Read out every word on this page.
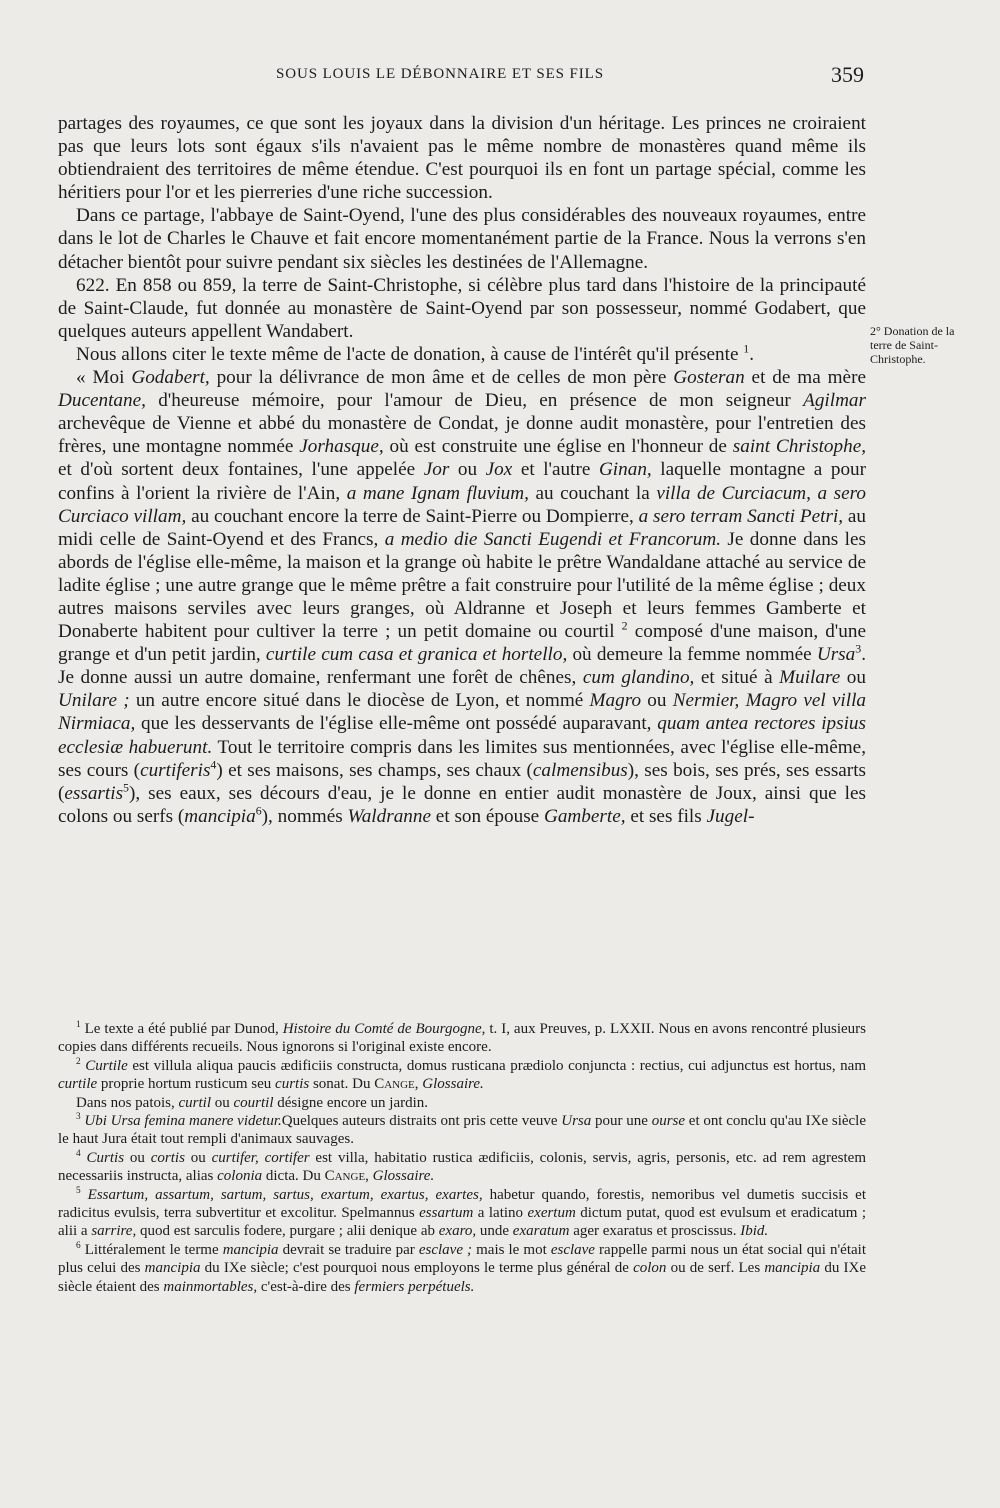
SOUS LOUIS LE DÉBONNAIRE ET SES FILS	359

partages des royaumes, ce que sont les joyaux dans la division d'un héritage. Les princes ne croiraient pas que leurs lots sont égaux s'ils n'avaient pas le même nombre de monastères quand même ils obtiendraient des territoires de même étendue. C'est pourquoi ils en font un partage spécial, comme les héritiers pour l'or et les pierreries d'une riche succession.

Dans ce partage, l'abbaye de Saint-Oyend, l'une des plus considérables des nouveaux royaumes, entre dans le lot de Charles le Chauve et fait encore momentanément partie de la France. Nous la verrons s'en détacher bientôt pour suivre pendant six siècles les destinées de l'Allemagne.

622. En 858 ou 859, la terre de Saint-Christophe, si célèbre plus tard dans l'histoire de la principauté de Saint-Claude, fut donnée au monastère de Saint-Oyend par son possesseur, nommé Godabert, que quelques auteurs appellent Wandabert.

Nous allons citer le texte même de l'acte de donation, à cause de l'intérêt qu'il présente $^1$.

« Moi Godabert, pour la délivrance de mon âme et de celles de mon père Gosteran et de ma mère Ducentane, d'heureuse mémoire, pour l'amour de Dieu, en présence de mon seigneur Agilmar archevêque de Vienne et abbé du monastère de Condat, je donne audit monastère, pour l'entretien des frères, une montagne nommée Jorhasque, où est construite une église en l'honneur de saint Christophe, et d'où sortent deux fontaines, l'une appelée Jor ou Jox et l'autre Ginan, laquelle montagne a pour confins à l'orient la rivière de l'Ain, a mane Ignam fluvium, au couchant la villa de Curciacum, a sero Curciaco villam, au couchant encore la terre de Saint-Pierre ou Dompierre, a sero terram Sancti Petri, au midi celle de Saint-Oyend et des Francs, a medio die Sancti Eugendi et Francorum. Je donne dans les abords de l'église elle-même, la maison et la grange où habite le prêtre Wandaldane attaché au service de ladite église ; une autre grange que le même prêtre a fait construire pour l'utilité de la même église ; deux autres maisons serviles avec leurs granges, où Aldranne et Joseph et leurs femmes Gamberte et Donaberte habitent pour cultiver la terre ; un petit domaine ou courtil $^2$ composé d'une maison, d'une grange et d'un petit jardin, curtile cum casa et granica et hortello, où demeure la femme nommée Ursa$^3$. Je donne aussi un autre domaine, renfermant une forêt de chênes, cum glandino, et situé à Muilare ou Unilare ; un autre encore situé dans le diocèse de Lyon, et nommé Magro ou Nermier, Magro vel villa Nirmiaca, que les desservants de l'église elle-même ont possédé auparavant, quam antea rectores ipsius ecclesiæ habuerunt. Tout le territoire compris dans les limites sus mentionnées, avec l'église elle-même, ses cours (curtiferis$^4$) et ses maisons, ses champs, ses chaux (calmensibus), ses bois, ses prés, ses essarts (essartis$^5$), ses eaux, ses décours d'eau, je le donne en entier audit monastère de Joux, ainsi que les colons ou serfs (mancipia$^6$), nommés Waldranne et son épouse Gamberte, et ses fils Jugel-

2° Donation de la terre de Saint-Christophe.

$^1$ Le texte a été publié par Dunod, Histoire du Comté de Bourgogne, t. I, aux Preuves, p. LXXII. Nous en avons rencontré plusieurs copies dans différents recueils. Nous ignorons si l'original existe encore.

$^2$ Curtile est villula aliqua paucis ædificiis constructa, domus rusticana prædiolo conjuncta : rectius, cui adjunctus est hortus, nam curtile proprie hortum rusticum seu curtis sonat. Du Cange, Glossaire.

Dans nos patois, curtil ou courtil désigne encore un jardin.

$^3$ Ubi Ursa femina manere videtur.Quelques auteurs distraits ont pris cette veuve Ursa pour une ourse et ont conclu qu'au IXe siècle le haut Jura était tout rempli d'animaux sauvages.

$^4$ Curtis ou cortis ou curtifer, cortifer est villa, habitatio rustica ædificiis, colonis, servis, agris, personis, etc. ad rem agrestem necessariis instructa, alias colonia dicta. Du Cange, Glossaire.

$^5$ Essartum, assartum, sartum, sartus, exartum, exartus, exartes, habetur quando, forestis, nemoribus vel dumetis succisis et radicitus evulsis, terra subvertitur et excolitur. Spelmannus essartum a latino exertum dictum putat, quod est evulsum et eradicatum ; alii a sarrire, quod est sarculis fodere, purgare ; alii denique ab exaro, unde exaratum ager exaratus et proscissus. Ibid.

$^6$ Littéralement le terme mancipia devrait se traduire par esclave ; mais le mot esclave rappelle parmi nous un état social qui n'était plus celui des mancipia du IXe siècle; c'est pourquoi nous employons le terme plus général de colon ou de serf. Les mancipia du IXe siècle étaient des mainmortables, c'est-à-dire des fermiers perpétuels.
